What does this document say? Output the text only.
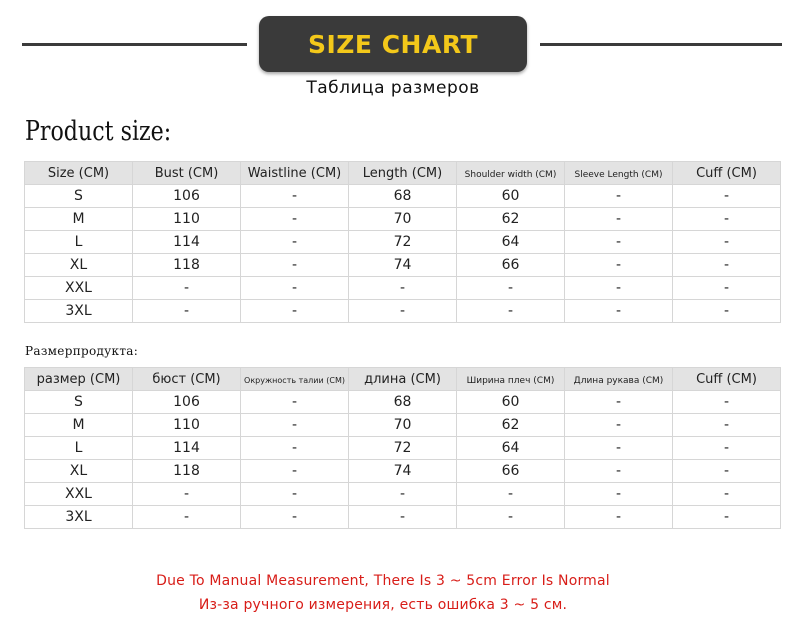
SIZE CHART
Таблица размеров
Product size:
Size (CM)	Bust (CM)	Waistline (CM)	Length (CM)	Shoulder width (CM)	Sleeve Length (CM)	Cuff (CM)
S	106	-	68	60	-	-
M	110	-	70	62	-	-
L	114	-	72	64	-	-
XL	118	-	74	66	-	-
XXL	-	-	-	-	-	-
3XL	-	-	-	-	-	-
Размерпродукта:
размер (CM)	бюст (CM)	Окружность талии (CM)	длина (CM)	Ширина плеч (CM)	Длина рукава (CM)	Cuff (CM)
S	106	-	68	60	-	-
M	110	-	70	62	-	-
L	114	-	72	64	-	-
XL	118	-	74	66	-	-
XXL	-	-	-	-	-	-
3XL	-	-	-	-	-	-
Due To Manual Measurement, There Is 3 ~ 5cm Error Is Normal
Из-за ручного измерения, есть ошибка 3 ~ 5 см.
